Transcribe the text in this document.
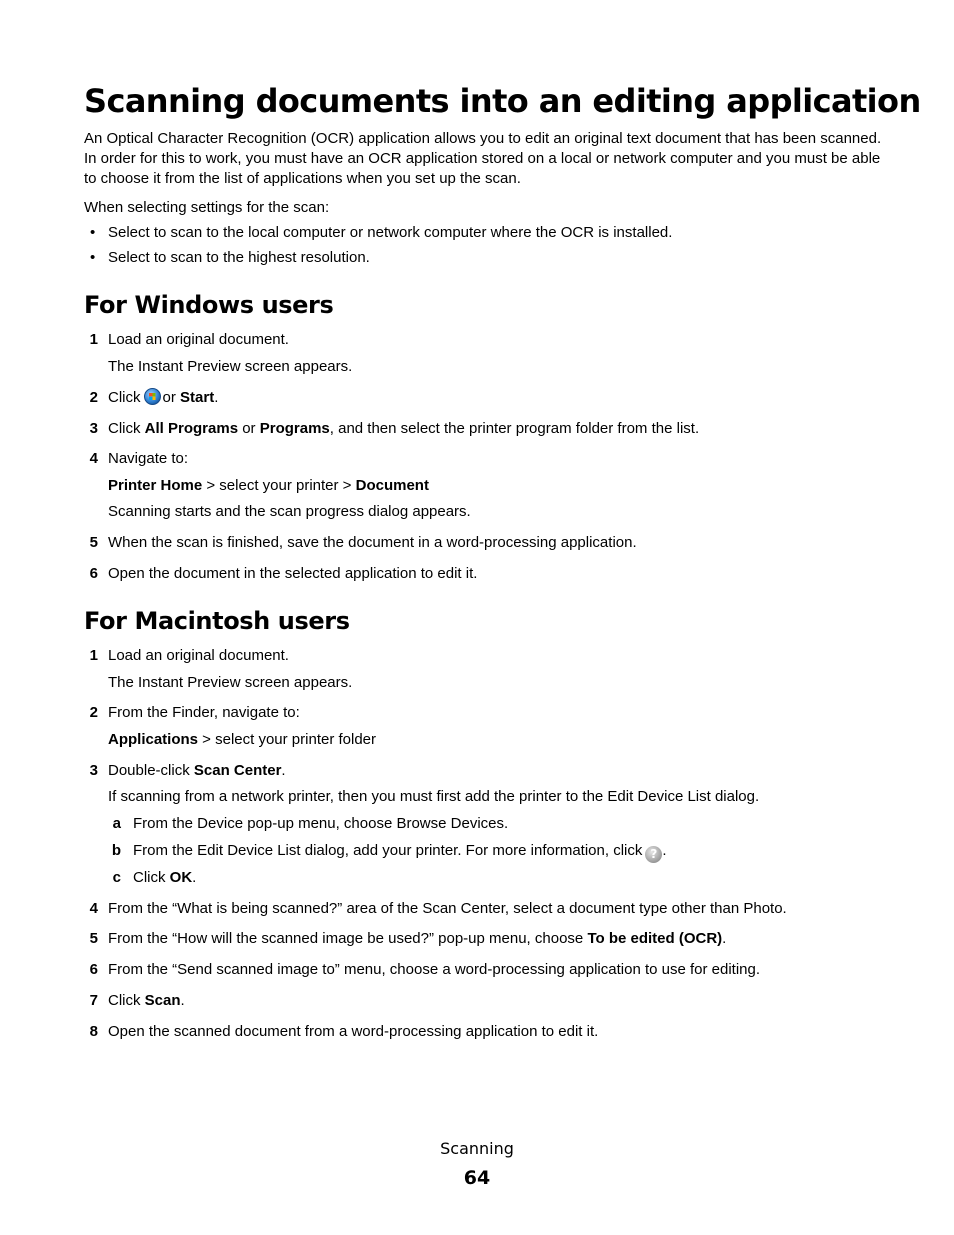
Scanning documents into an editing application
An Optical Character Recognition (OCR) application allows you to edit an original text document that has been scanned. In order for this to work, you must have an OCR application stored on a local or network computer and you must be able to choose it from the list of applications when you set up the scan.
When selecting settings for the scan:
• Select to scan to the local computer or network computer where the OCR is installed.
• Select to scan to the highest resolution.
For Windows users
1 Load an original document.
The Instant Preview screen appears.
2 Click or Start.
3 Click All Programs or Programs, and then select the printer program folder from the list.
4 Navigate to:
Printer Home > select your printer > Document
Scanning starts and the scan progress dialog appears.
5 When the scan is finished, save the document in a word-processing application.
6 Open the document in the selected application to edit it.
For Macintosh users
1 Load an original document.
The Instant Preview screen appears.
2 From the Finder, navigate to:
Applications > select your printer folder
3 Double-click Scan Center.
If scanning from a network printer, then you must first add the printer to the Edit Device List dialog.
a From the Device pop-up menu, choose Browse Devices.
b From the Edit Device List dialog, add your printer. For more information, click ? .
c Click OK.
4 From the “What is being scanned?” area of the Scan Center, select a document type other than Photo.
5 From the “How will the scanned image be used?” pop-up menu, choose To be edited (OCR).
6 From the “Send scanned image to” menu, choose a word-processing application to use for editing.
7 Click Scan.
8 Open the scanned document from a word-processing application to edit it.
Scanning
64
